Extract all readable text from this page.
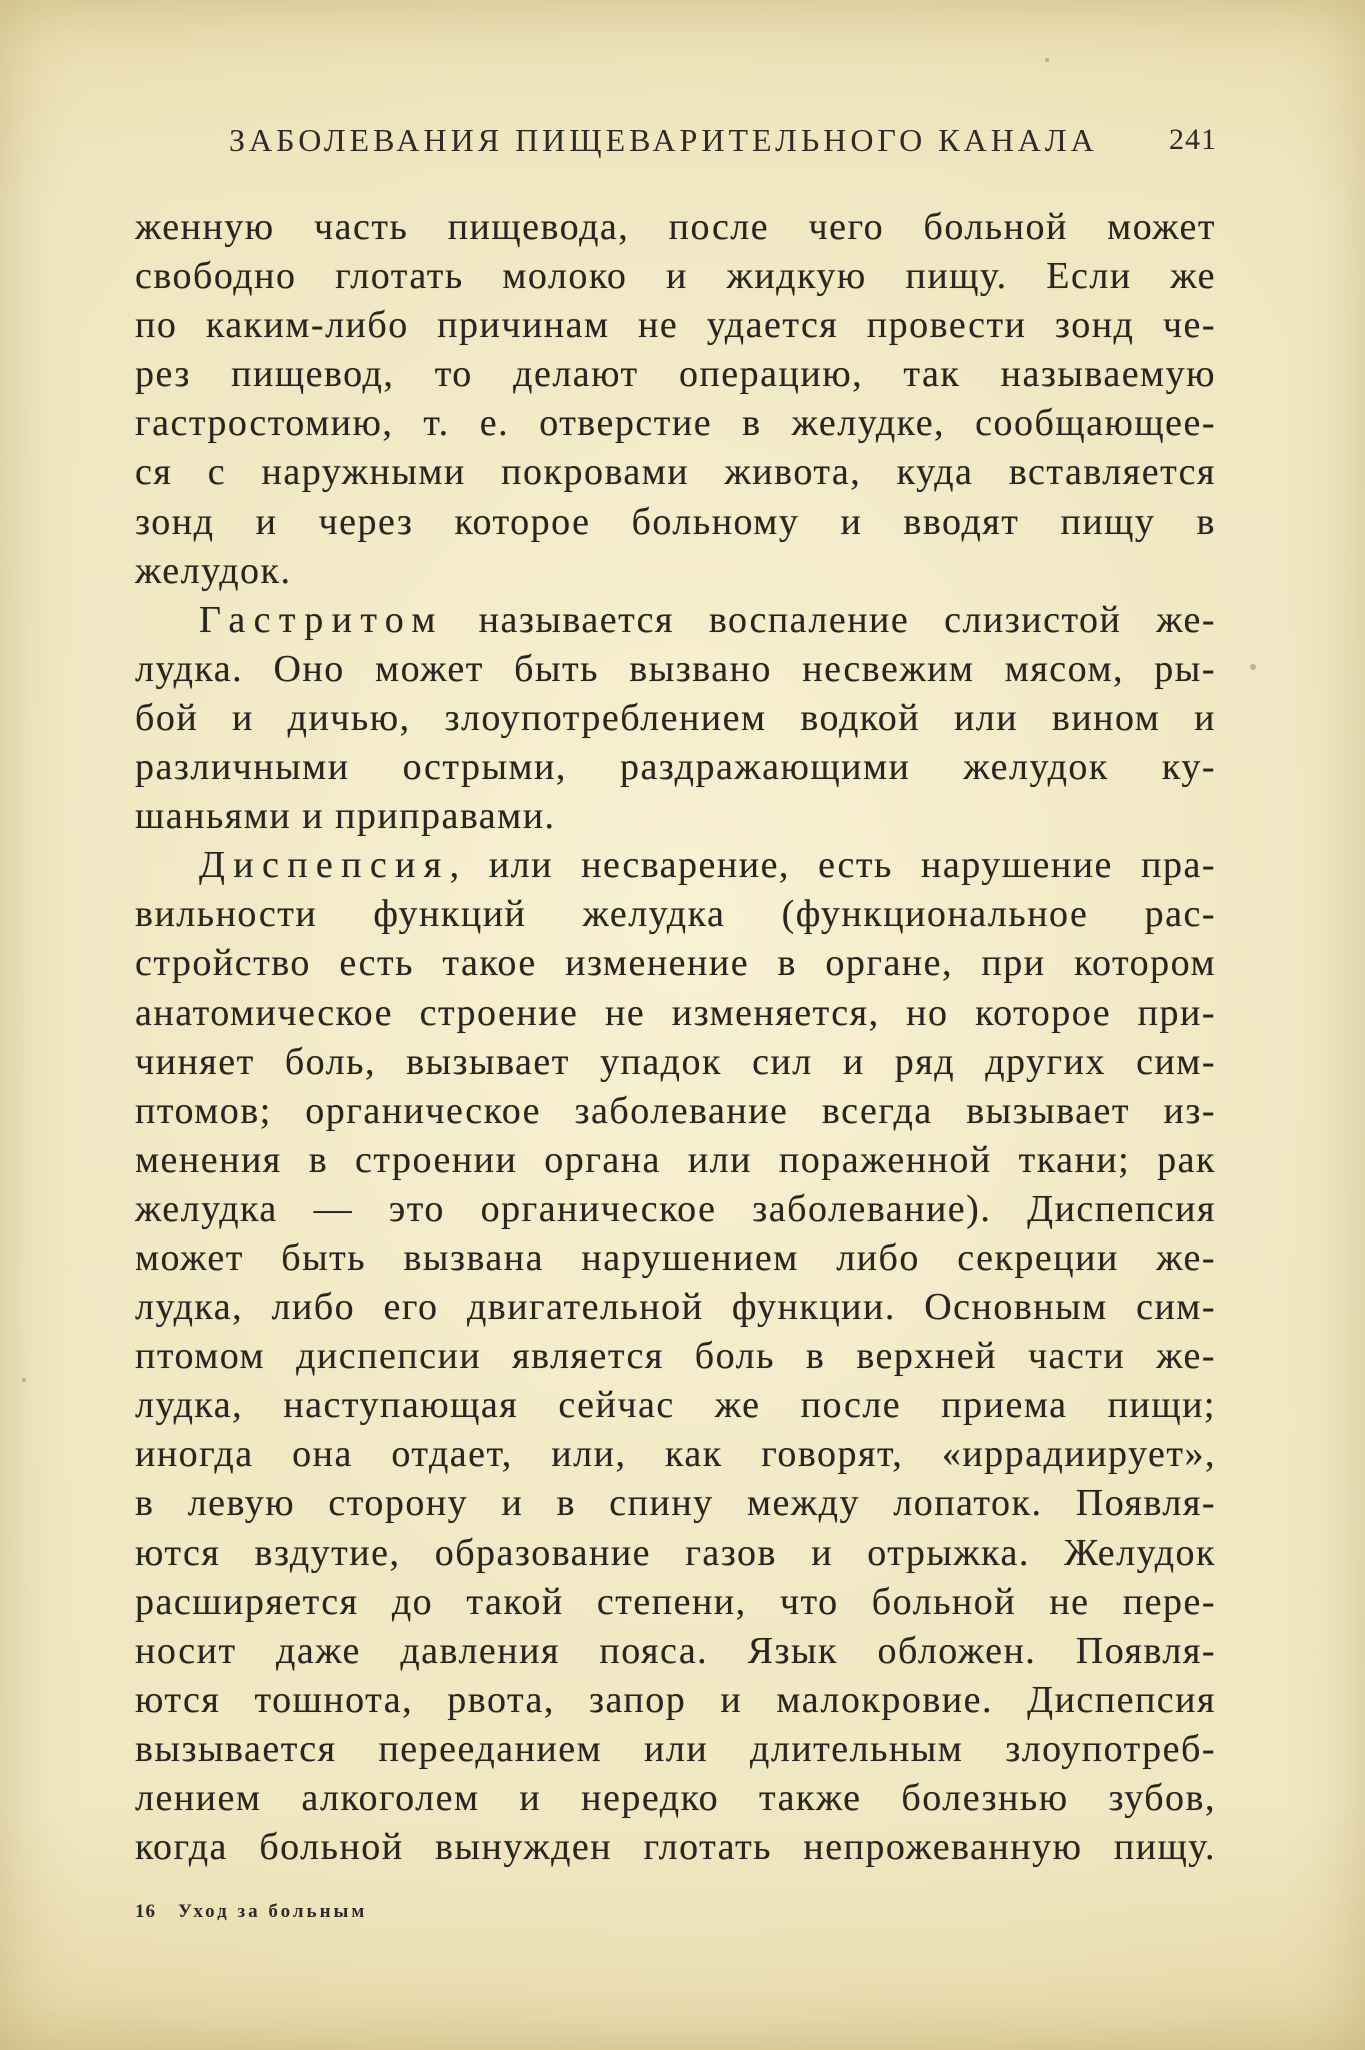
ЗАБОЛЕВАНИЯ ПИЩЕВАРИТЕЛЬНОГО КАНАЛА 241
женную часть пищевода, после чего больной может
свободно глотать молоко и жидкую пищу. Если же
по каким-либо причинам не удается провести зонд че-
рез пищевод, то делают операцию, так называемую
гастростомию, т. е. отверстие в желудке, сообщающее-
ся с наружными покровами живота, куда вставляется
зонд и через которое больному и вводят пищу в
желудок.
Гастритом называется воспаление слизистой же-
лудка. Оно может быть вызвано несвежим мясом, ры-
бой и дичью, злоупотреблением водкой или вином и
различными острыми, раздражающими желудок ку-
шаньями и приправами.
Диспепсия, или несварение, есть нарушение пра-
вильности функций желудка (функциональное рас-
стройство есть такое изменение в органе, при котором
анатомическое строение не изменяется, но которое при-
чиняет боль, вызывает упадок сил и ряд других сим-
птомов; органическое заболевание всегда вызывает из-
менения в строении органа или пораженной ткани; рак
желудка — это органическое заболевание). Диспепсия
может быть вызвана нарушением либо секреции же-
лудка, либо его двигательной функции. Основным сим-
птомом диспепсии является боль в верхней части же-
лудка, наступающая сейчас же после приема пищи;
иногда она отдает, или, как говорят, «иррадиирует»,
в левую сторону и в спину между лопаток. Появля-
ются вздутие, образование газов и отрыжка. Желудок
расширяется до такой степени, что больной не пере-
носит даже давления пояса. Язык обложен. Появля-
ются тошнота, рвота, запор и малокровие. Диспепсия
вызывается перееданием или длительным злоупотреб-
лением алкоголем и нередко также болезнью зубов,
когда больной вынужден глотать непрожеванную пищу.
16 Уход за больным
